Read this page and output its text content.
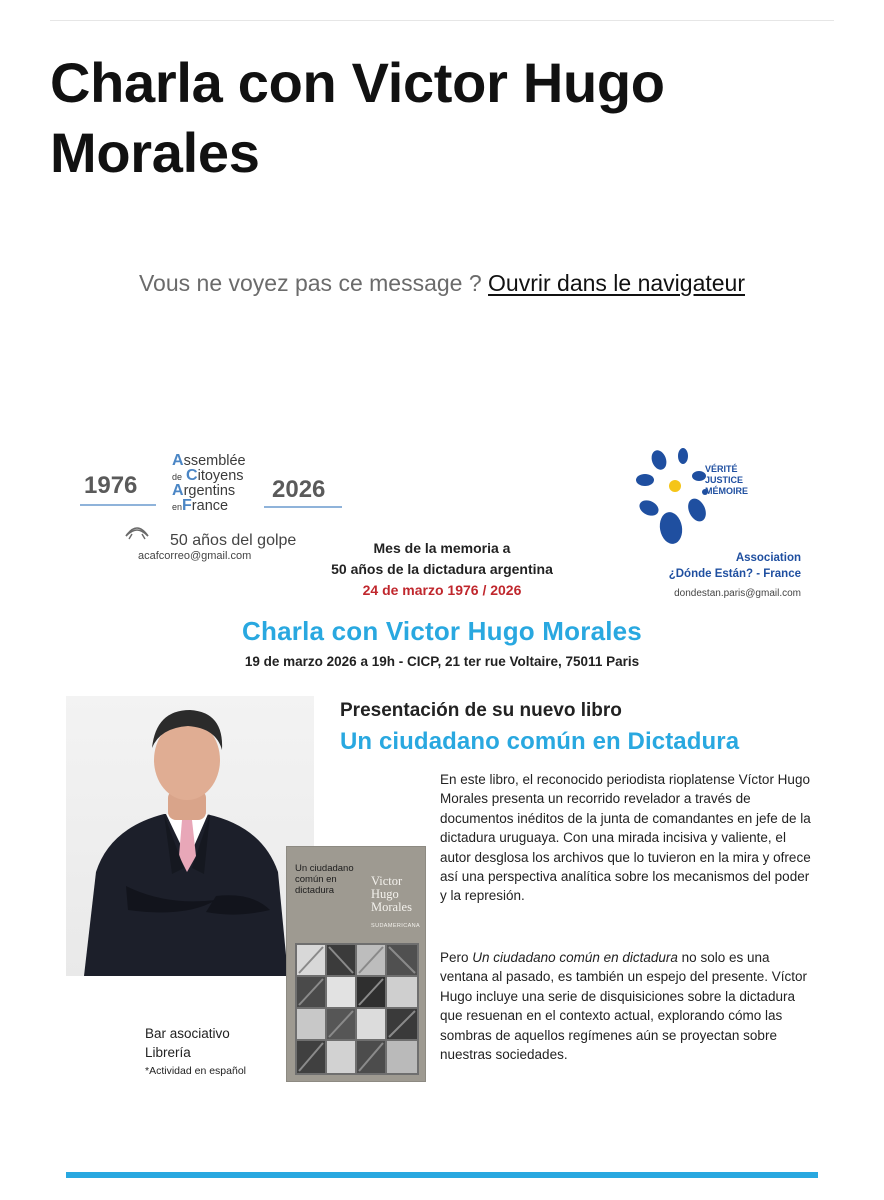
Charla con Victor Hugo Morales
Vous ne voyez pas ce message ? Ouvrir dans le navigateur
1976	2026
Assemblée
de Citoyens
Argentins
enFrance
50 años del golpe
acafcorreo@gmail.com	Mes de la memoria a
50 años de la dictadura argentina
24 de marzo 1976 / 2026
VÉRITÉ
JUSTICE
MÉMOIRE
Association
¿Dónde Están? - France
dondestan.paris@gmail.com
Charla con Victor Hugo Morales
19 de marzo 2026 a 19h - CICP, 21 ter rue Voltaire, 75011 Paris
Un ciudadano
común en
dictadura
Victor
Hugo
Morales
SUDAMERICANA
Bar asociativo
Librería
*Actividad en español
Presentación de su nuevo libro
Un ciudadano común en Dictadura

En este libro, el reconocido periodista rioplatense Víctor Hugo Morales presenta un recorrido revelador a través de documentos inéditos de la junta de comandantes en jefe de la dictadura uruguaya. Con una mirada incisiva y valiente, el autor desglosa los archivos que lo tuvieron en la mira y ofrece así una perspectiva analítica sobre los mecanismos del poder y la represión.

Pero Un ciudadano común en dictadura no solo es una ventana al pasado, es también un espejo del presente. Víctor Hugo incluye una serie de disquisiciones sobre la dictadura que resuenan en el contexto actual, explorando cómo las sombras de aquellos regímenes aún se proyectan sobre nuestras sociedades.
